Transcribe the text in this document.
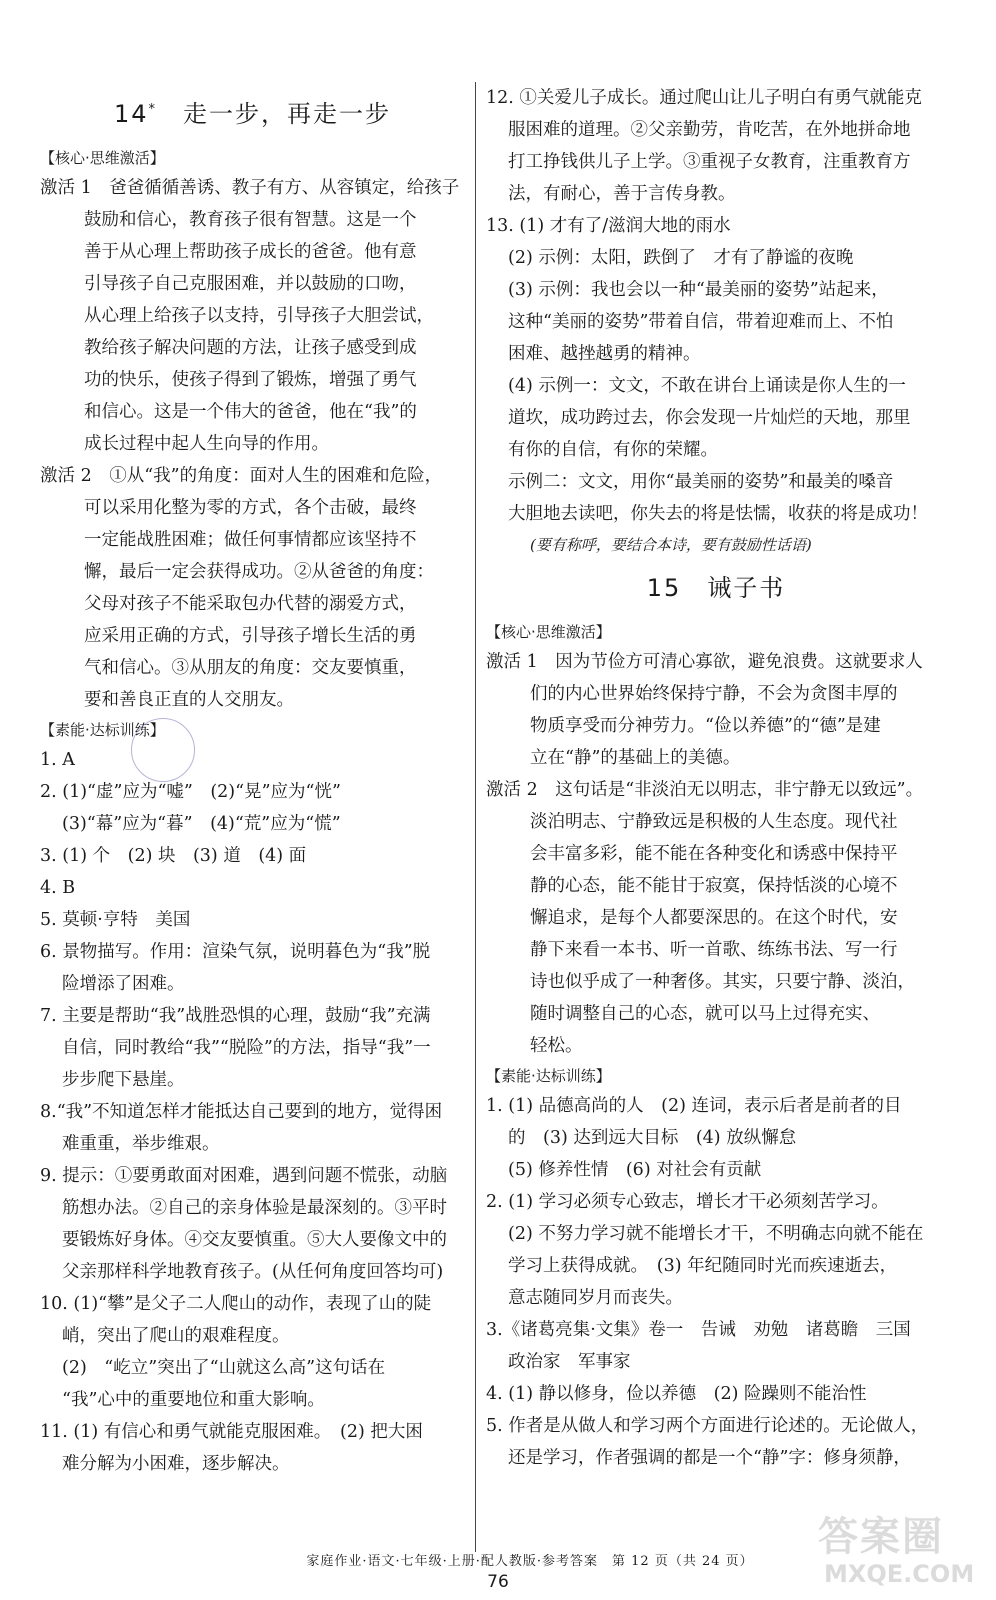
14*　 走一步，再走一步
【核心·思维激活】
激活 1　爸爸循循善诱、教子有方、从容镇定，给孩子
鼓励和信心，教育孩子很有智慧。这是一个
善于从心理上帮助孩子成长的爸爸。他有意
引导孩子自己克服困难，并以鼓励的口吻，
从心理上给孩子以支持，引导孩子大胆尝试，
教给孩子解决问题的方法，让孩子感受到成
功的快乐，使孩子得到了锻炼，增强了勇气
和信心。这是一个伟大的爸爸，他在“我”的
成长过程中起人生向导的作用。
激活 2　①从“我”的角度：面对人生的困难和危险，
可以采用化整为零的方式，各个击破，最终
一定能战胜困难；做任何事情都应该坚持不
懈，最后一定会获得成功。②从爸爸的角度：
父母对孩子不能采取包办代替的溺爱方式，
应采用正确的方式，引导孩子增长生活的勇
气和信心。③从朋友的角度：交友要慎重，
要和善良正直的人交朋友。
【素能·达标训练】
1. A
2. (1)“虚”应为“嘘”　(2)“晃”应为“恍”
(3)“幕”应为“暮”　(4)“荒”应为“慌”
3. (1) 个　(2) 块　(3) 道　(4) 面
4. B
5. 莫顿·亨特　美国
6. 景物描写。作用：渲染气氛，说明暮色为“我”脱
险增添了困难。
7. 主要是帮助“我”战胜恐惧的心理，鼓励“我”充满
自信，同时教给“我”“脱险”的方法，指导“我”一
步步爬下悬崖。
8.“我”不知道怎样才能抵达自己要到的地方，觉得困
难重重，举步维艰。
9. 提示：①要勇敢面对困难，遇到问题不慌张，动脑
筋想办法。②自己的亲身体验是最深刻的。③平时
要锻炼好身体。④交友要慎重。⑤大人要像文中的
父亲那样科学地教育孩子。(从任何角度回答均可)
10. (1)“攀”是父子二人爬山的动作，表现了山的陡
峭，突出了爬山的艰难程度。
(2)　“屹立”突出了“山就这么高”这句话在
“我”心中的重要地位和重大影响。
11. (1) 有信心和勇气就能克服困难。　(2) 把大困
难分解为小困难，逐步解决。
12. ①关爱儿子成长。通过爬山让儿子明白有勇气就能克
服困难的道理。②父亲勤劳，肯吃苦，在外地拼命地
打工挣钱供儿子上学。③重视子女教育，注重教育方
法，有耐心，善于言传身教。
13. (1) 才有了/滋润大地的雨水
(2) 示例：太阳，跌倒了　才有了静谧的夜晚
(3) 示例：我也会以一种“最美丽的姿势”站起来，
这种“美丽的姿势”带着自信，带着迎难而上、不怕
困难、越挫越勇的精神。
(4) 示例一：文文，不敢在讲台上诵读是你人生的一
道坎，成功跨过去，你会发现一片灿烂的天地，那里
有你的自信，有你的荣耀。
示例二：文文，用你“最美丽的姿势”和最美的嗓音
大胆地去读吧，你失去的将是怯懦，收获的将是成功！
(要有称呼，要结合本诗，要有鼓励性话语)
15　 诫子书
【核心·思维激活】
激活 1　因为节俭方可清心寡欲，避免浪费。这就要求人
们的内心世界始终保持宁静，不会为贪图丰厚的
物质享受而分神劳力。“俭以养德”的“德”是建
立在“静”的基础上的美德。
激活 2　这句话是“非淡泊无以明志，非宁静无以致远”。
淡泊明志、宁静致远是积极的人生态度。现代社
会丰富多彩，能不能在各种变化和诱惑中保持平
静的心态，能不能甘于寂寞，保持恬淡的心境不
懈追求，是每个人都要深思的。在这个时代，安
静下来看一本书、听一首歌、练练书法、写一行
诗也似乎成了一种奢侈。其实，只要宁静、淡泊，
随时调整自己的心态，就可以马上过得充实、
轻松。
【素能·达标训练】
1. (1) 品德高尚的人　(2) 连词，表示后者是前者的目
的　(3) 达到远大目标　(4) 放纵懈怠
(5) 修养性情　(6) 对社会有贡献
2. (1) 学习必须专心致志，增长才干必须刻苦学习。
(2) 不努力学习就不能增长才干，不明确志向就不能在
学习上获得成就。　(3) 年纪随同时光而疾速逝去，
意志随同岁月而丧失。
3.《诸葛亮集·文集》卷一　告诫　劝勉　诸葛瞻　三国
政治家　军事家
4. (1) 静以修身，俭以养德　(2) 险躁则不能治性
5. 作者是从做人和学习两个方面进行论述的。无论做人，
还是学习，作者强调的都是一个“静”字：修身须静，
家庭作业·语文·七年级·上册·配人教版·参考答案　第 12 页（共 24 页）
76
答案圈
MXQE.COM
